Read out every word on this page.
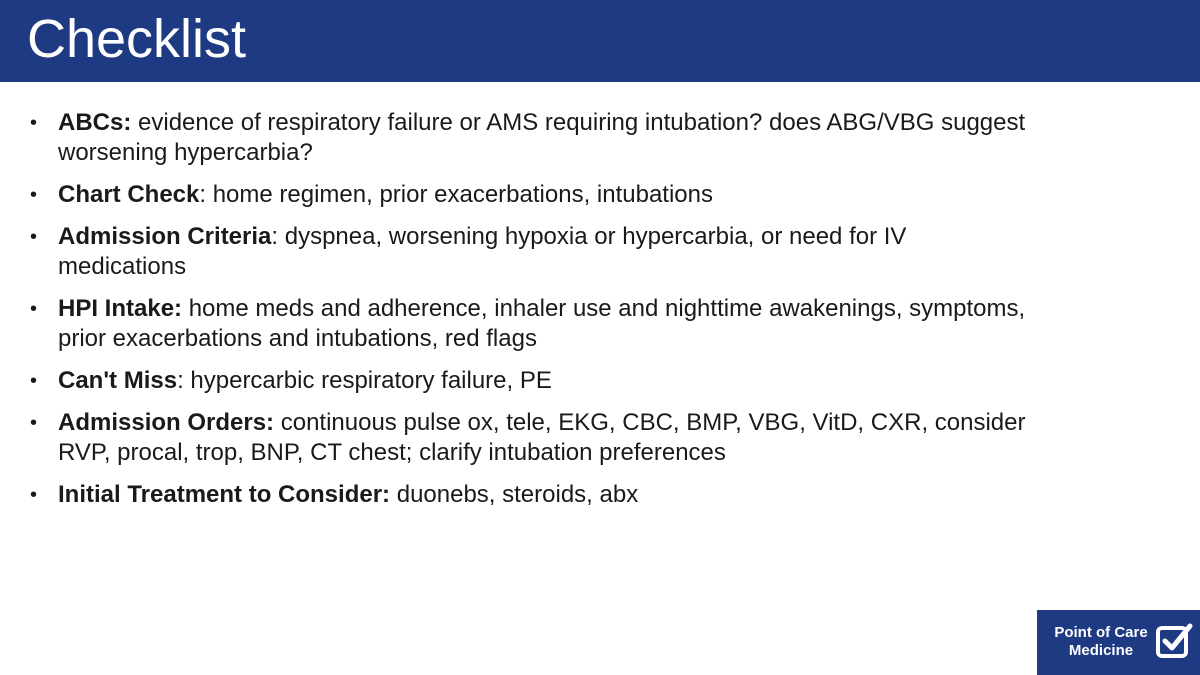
Checklist
• ABCs: evidence of respiratory failure or AMS requiring intubation? does ABG/VBG suggest worsening hypercarbia?
• Chart Check: home regimen, prior exacerbations, intubations
• Admission Criteria: dyspnea, worsening hypoxia or hypercarbia, or need for IV medications
• HPI Intake: home meds and adherence, inhaler use and nighttime awakenings, symptoms, prior exacerbations and intubations, red flags
• Can't Miss: hypercarbic respiratory failure, PE
• Admission Orders: continuous pulse ox, tele, EKG, CBC, BMP, VBG, VitD, CXR, consider RVP, procal, trop, BNP, CT chest; clarify intubation preferences
• Initial Treatment to Consider: duonebs, steroids, abx
Point of Care
Medicine
